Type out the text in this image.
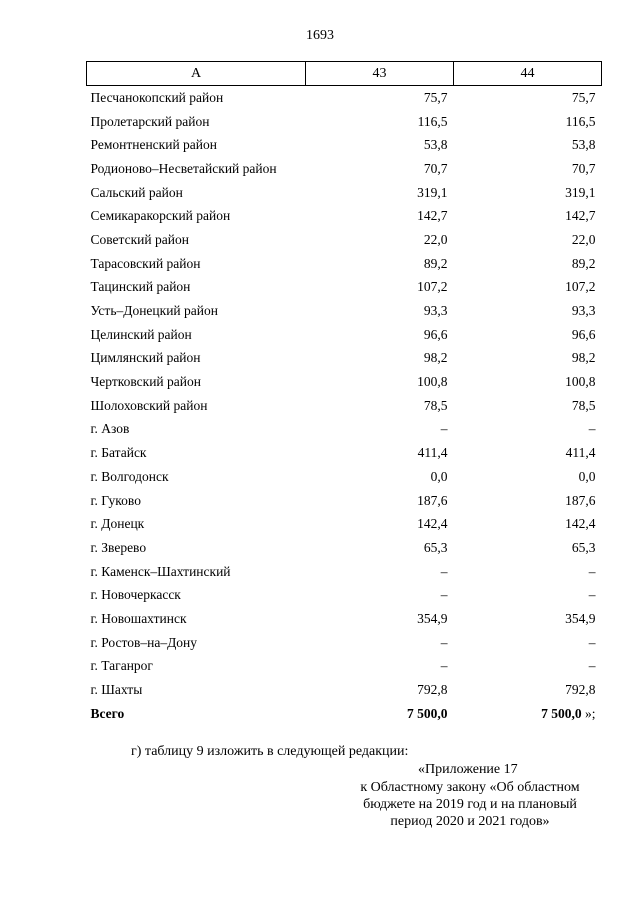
1693
А	43	44
Песчанокопский район	75,7	75,7
Пролетарский район	116,5	116,5
Ремонтненский район	53,8	53,8
Родионово–Несветайский район	70,7	70,7
Сальский район	319,1	319,1
Семикаракорский район	142,7	142,7
Советский район	22,0	22,0
Тарасовский район	89,2	89,2
Тацинский район	107,2	107,2
Усть–Донецкий район	93,3	93,3
Целинский район	96,6	96,6
Цимлянский район	98,2	98,2
Чертковский район	100,8	100,8
Шолоховский район	78,5	78,5
г. Азов	–	–
г. Батайск	411,4	411,4
г. Волгодонск	0,0	0,0
г. Гуково	187,6	187,6
г. Донецк	142,4	142,4
г. Зверево	65,3	65,3
г. Каменск–Шахтинский	–	–
г. Новочеркасск	–	–
г. Новошахтинск	354,9	354,9
г. Ростов–на–Дону	–	–
г. Таганрог	–	–
г. Шахты	792,8	792,8
Всего	7 500,0	7 500,0 »;
г) таблицу 9 изложить в следующей редакции:
«Приложение 17
к Областному закону «Об областном
бюджете на 2019 год и на плановый
период 2020 и 2021 годов»
